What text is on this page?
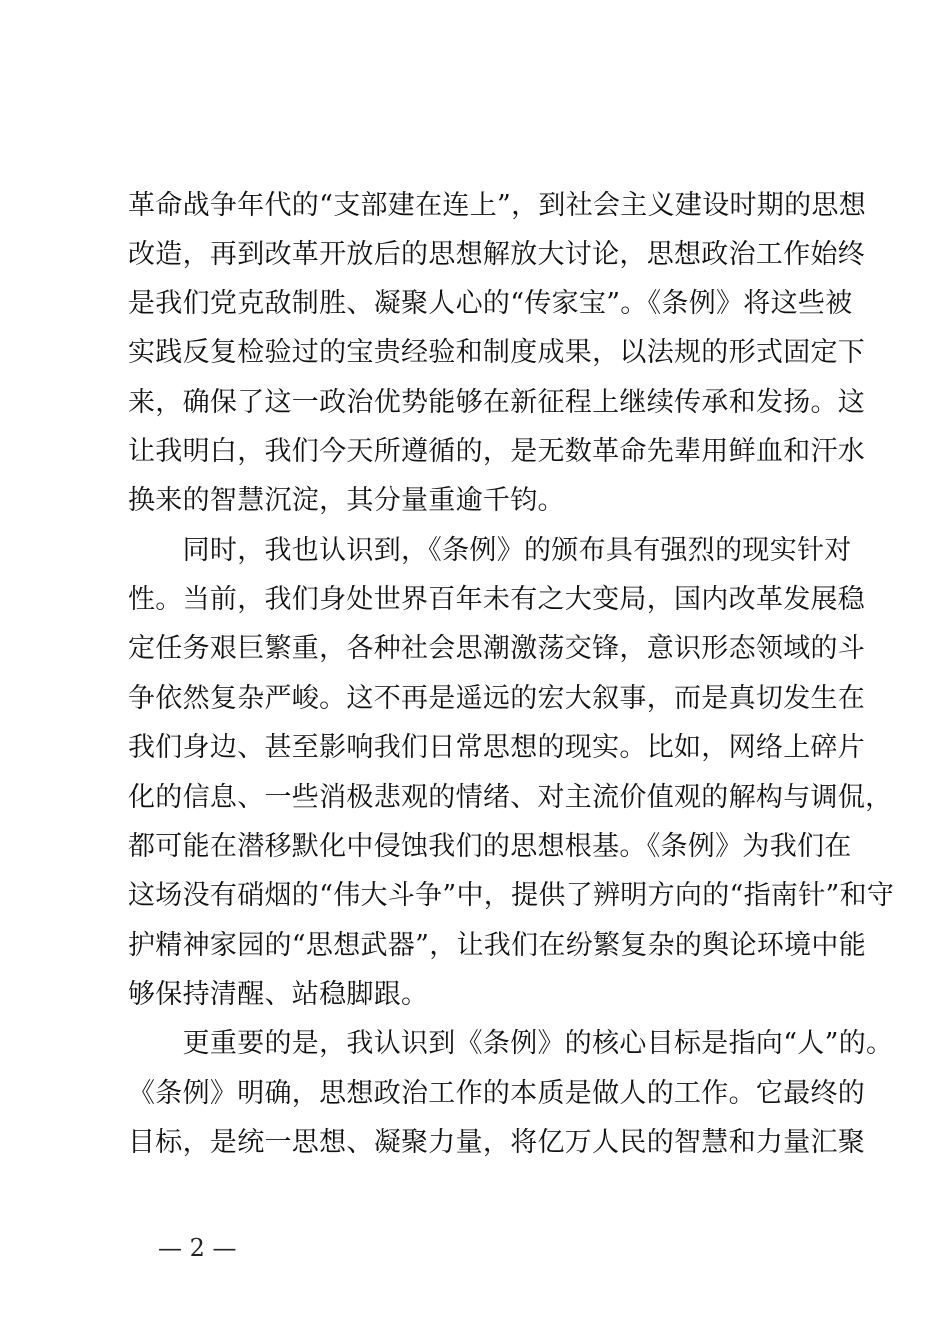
革命战争年代的“支部建在连上”，到社会主义建设时期的思想
改造，再到改革开放后的思想解放大讨论，思想政治工作始终
是我们党克敌制胜、凝聚人心的“传家宝”。《条例》将这些被
实践反复检验过的宝贵经验和制度成果，以法规的形式固定下
来，确保了这一政治优势能够在新征程上继续传承和发扬。这
让我明白，我们今天所遵循的，是无数革命先辈用鲜血和汗水
换来的智慧沉淀，其分量重逾千钧。
　　同时，我也认识到，《条例》的颁布具有强烈的现实针对
性。当前，我们身处世界百年未有之大变局，国内改革发展稳
定任务艰巨繁重，各种社会思潮激荡交锋，意识形态领域的斗
争依然复杂严峻。这不再是遥远的宏大叙事，而是真切发生在
我们身边、甚至影响我们日常思想的现实。比如，网络上碎片
化的信息、一些消极悲观的情绪、对主流价值观的解构与调侃，
都可能在潜移默化中侵蚀我们的思想根基。《条例》为我们在
这场没有硝烟的“伟大斗争”中，提供了辨明方向的“指南针”和守
护精神家园的“思想武器”，让我们在纷繁复杂的舆论环境中能
够保持清醒、站稳脚跟。
　　更重要的是，我认识到《条例》的核心目标是指向“人”的。
《条例》明确，思想政治工作的本质是做人的工作。它最终的
目标，是统一思想、凝聚力量，将亿万人民的智慧和力量汇聚
— 2 —
